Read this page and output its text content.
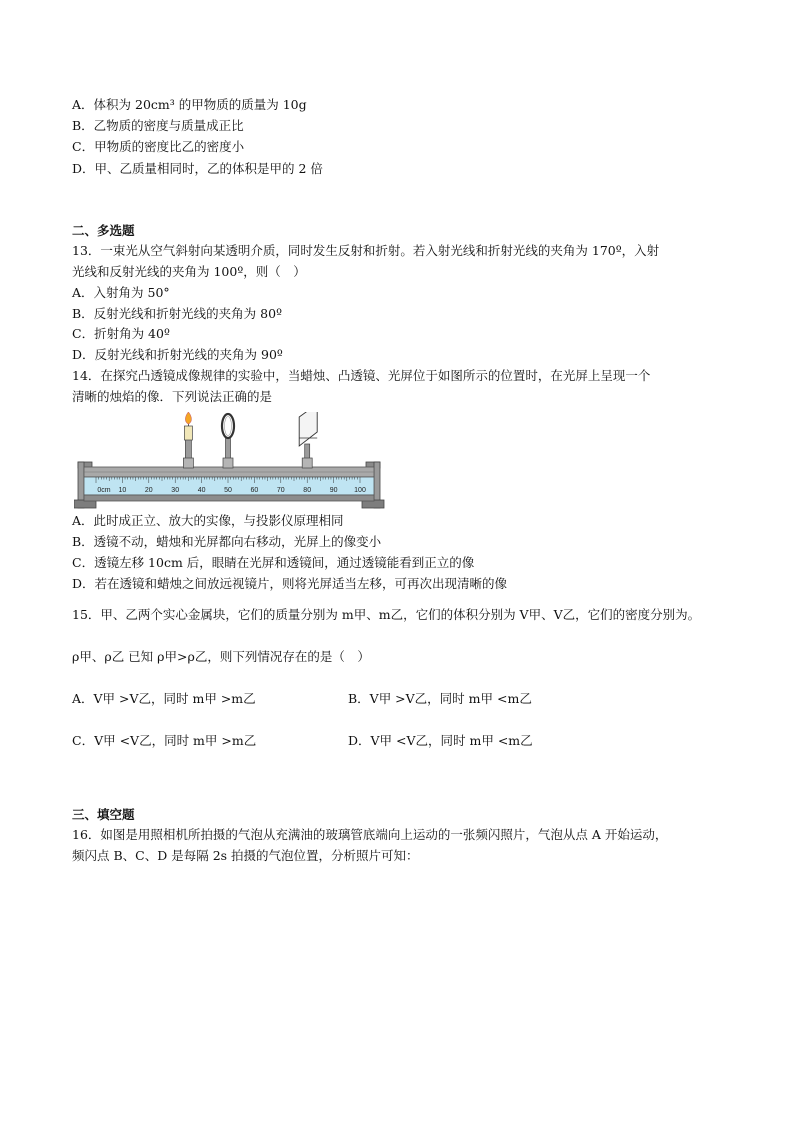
A．体积为 20cm³ 的甲物质的质量为 10g
B．乙物质的密度与质量成正比
C．甲物质的密度比乙的密度小
D．甲、乙质量相同时，乙的体积是甲的 2 倍
二、多选题
13．一束光从空气斜射向某透明介质，同时发生反射和折射。若入射光线和折射光线的夹角为 170º，入射
光线和反射光线的夹角为 100º，则（　）
A．入射角为 50°
B．反射光线和折射光线的夹角为 80º
C．折射角为 40º
D．反射光线和折射光线的夹角为 90º
14．在探究凸透镜成像规律的实验中，当蜡烛、凸透镜、光屏位于如图所示的位置时，在光屏上呈现一个
清晰的烛焰的像．下列说法正确的是
0cm 10	20	30	40	50	60	70	80	90 100
A．此时成正立、放大的实像，与投影仪原理相同
B．透镜不动，蜡烛和光屏都向右移动，光屏上的像变小
C．透镜左移 10cm 后，眼睛在光屏和透镜间，通过透镜能看到正立的像
D．若在透镜和蜡烛之间放远视镜片，则将光屏适当左移，可再次出现清晰的像
15．甲、乙两个实心金属块，它们的质量分别为 m甲、m乙，它们的体积分别为 V甲、V乙，它们的密度分别为。
ρ甲、ρ乙 已知 ρ甲>ρ乙，则下列情况存在的是（　）
A．V甲 >V乙，同时 m甲 >m乙	B．V甲 >V乙，同时 m甲 <m乙
C．V甲 <V乙，同时 m甲 >m乙	D．V甲 <V乙，同时 m甲 <m乙
三、填空题
16．如图是用照相机所拍摄的气泡从充满油的玻璃管底端向上运动的一张频闪照片，气泡从点 A 开始运动，
频闪点 B、C、D 是每隔 2s 拍摄的气泡位置，分析照片可知：
